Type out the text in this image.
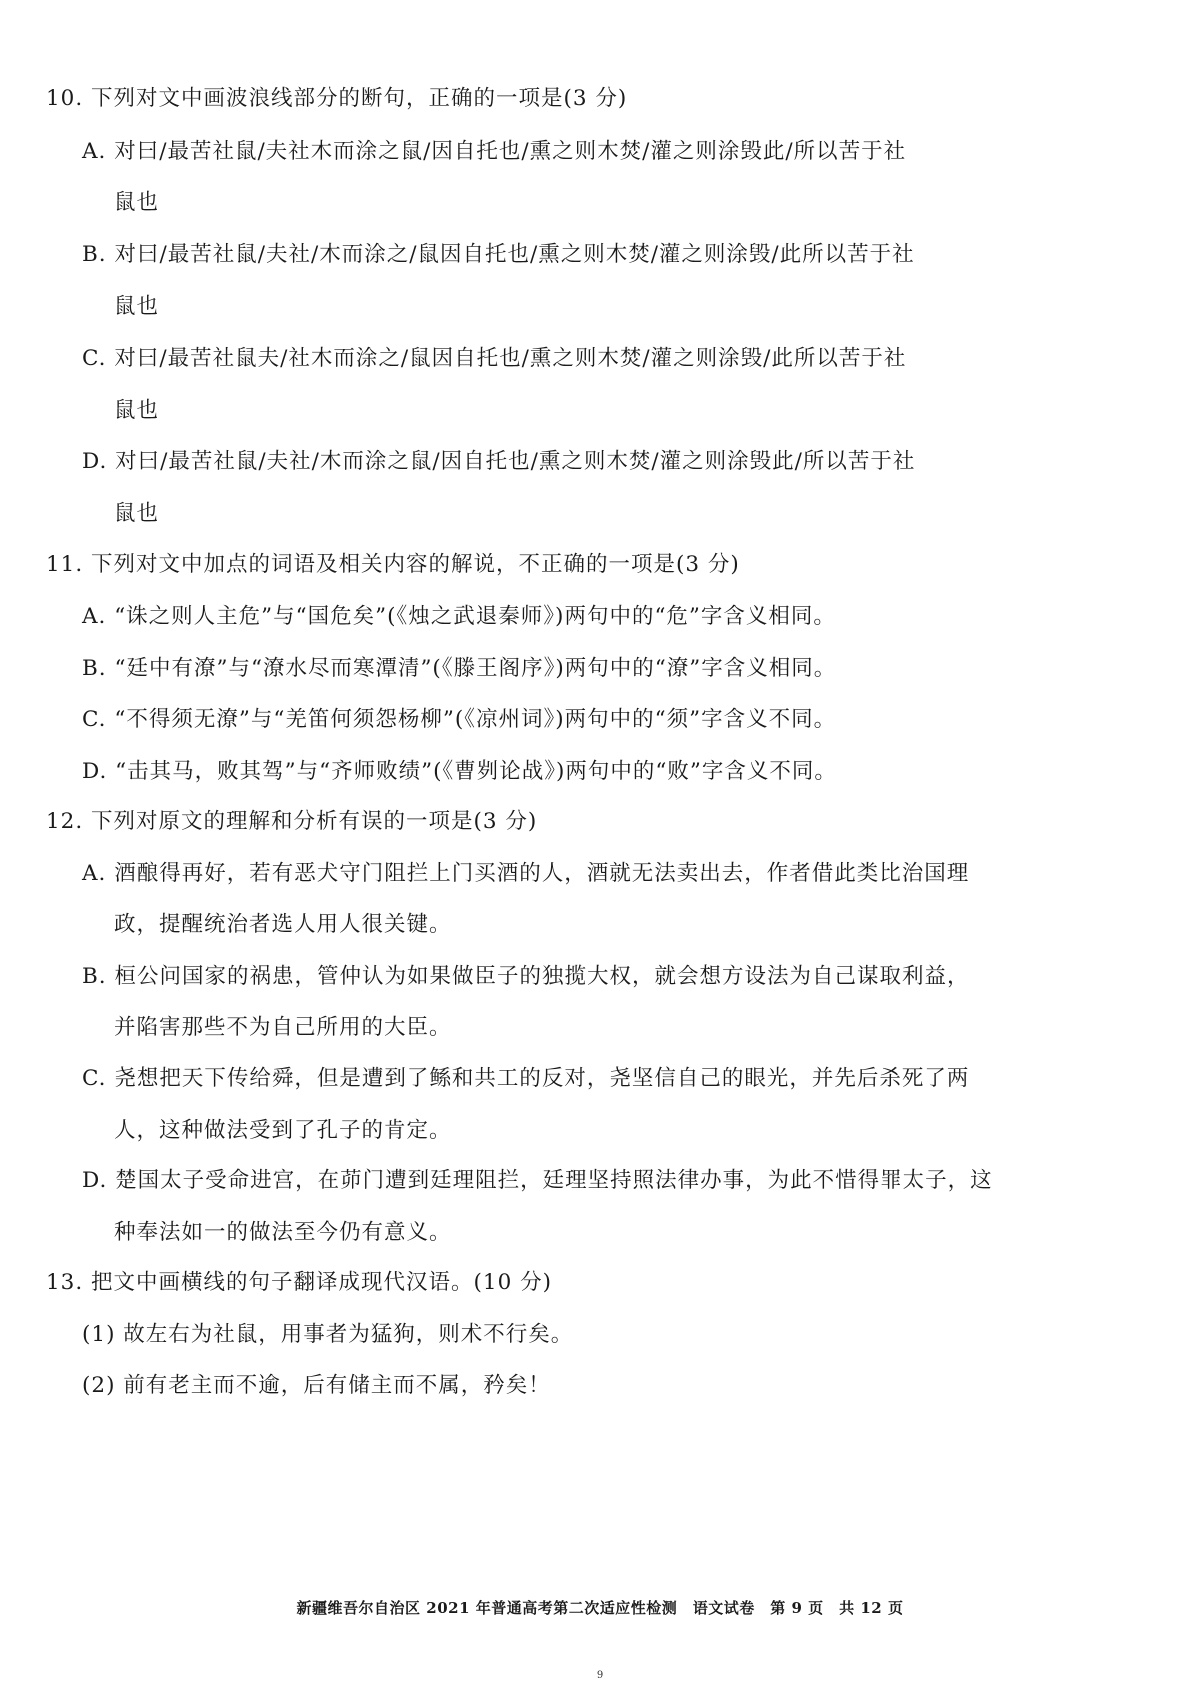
10. 下列对文中画波浪线部分的断句，正确的一项是(3 分)
A. 对曰/最苦社鼠/夫社木而涂之鼠/因自托也/熏之则木焚/灌之则涂毁此/所以苦于社
鼠也
B. 对曰/最苦社鼠/夫社/木而涂之/鼠因自托也/熏之则木焚/灌之则涂毁/此所以苦于社
鼠也
C. 对曰/最苦社鼠夫/社木而涂之/鼠因自托也/熏之则木焚/灌之则涂毁/此所以苦于社
鼠也
D. 对曰/最苦社鼠/夫社/木而涂之鼠/因自托也/熏之则木焚/灌之则涂毁此/所以苦于社
鼠也
11. 下列对文中加点的词语及相关内容的解说，不正确的一项是(3 分)
A. “诛之则人主危”与“国危矣”(《烛之武退秦师》)两句中的“危”字含义相同。
B. “廷中有潦”与“潦水尽而寒潭清”(《滕王阁序》)两句中的“潦”字含义相同。
C. “不得须无潦”与“羌笛何须怨杨柳”(《凉州词》)两句中的“须”字含义不同。
D. “击其马，败其驾”与“齐师败绩”(《曹刿论战》)两句中的“败”字含义不同。
12. 下列对原文的理解和分析有误的一项是(3 分)
A. 酒酿得再好，若有恶犬守门阻拦上门买酒的人，酒就无法卖出去，作者借此类比治国理
政，提醒统治者选人用人很关键。
B. 桓公问国家的祸患，管仲认为如果做臣子的独揽大权，就会想方设法为自己谋取利益，
并陷害那些不为自己所用的大臣。
C. 尧想把天下传给舜，但是遭到了鲧和共工的反对，尧坚信自己的眼光，并先后杀死了两
人，这种做法受到了孔子的肯定。
D. 楚国太子受命进宫，在茆门遭到廷理阻拦，廷理坚持照法律办事，为此不惜得罪太子，这
种奉法如一的做法至今仍有意义。
13. 把文中画横线的句子翻译成现代汉语。(10 分)
(1) 故左右为社鼠，用事者为猛狗，则术不行矣。
(2) 前有老主而不逾，后有储主而不属，矜矣！
新疆维吾尔自治区 2021 年普通高考第二次适应性检测　语文试卷　第 9 页　共 12 页
9
